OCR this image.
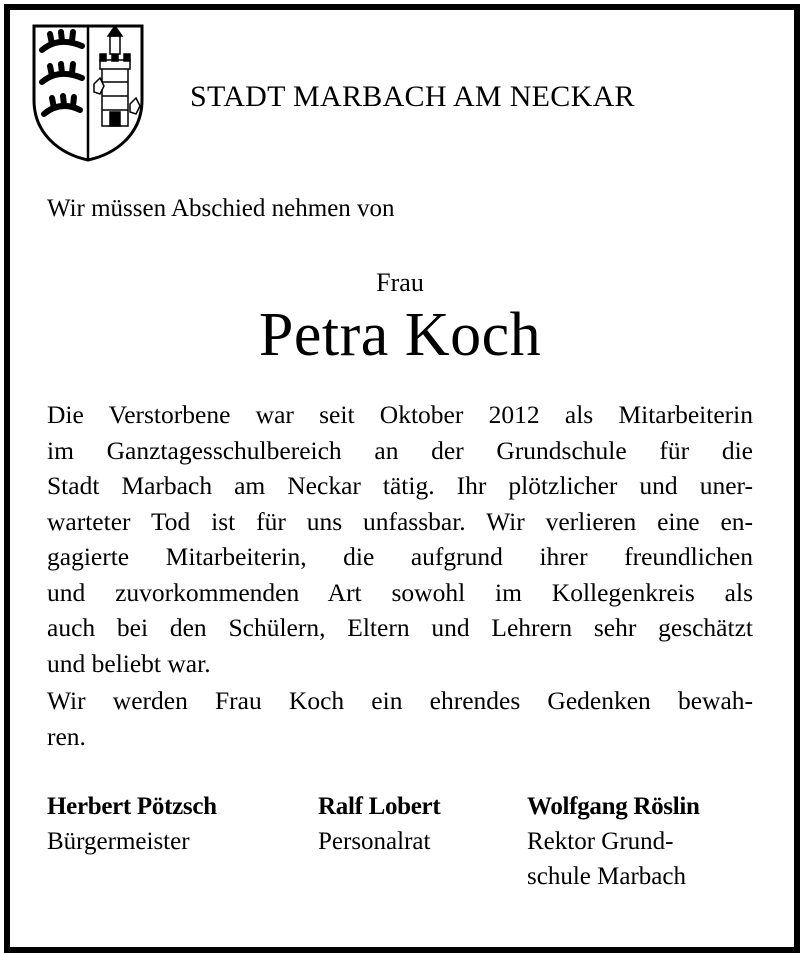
STADT MARBACH AM NECKAR
Wir müssen Abschied nehmen von
Frau
Petra Koch
Die Verstorbene war seit Oktober 2012 als Mitarbeiterin
im Ganztagesschulbereich an der Grundschule für die
Stadt Marbach am Neckar tätig. Ihr plötzlicher und uner-
warteter Tod ist für uns unfassbar. Wir verlieren eine en-
gagierte Mitarbeiterin, die aufgrund ihrer freundlichen
und zuvorkommenden Art sowohl im Kollegenkreis als
auch bei den Schülern, Eltern und Lehrern sehr geschätzt
und beliebt war.
Wir werden Frau Koch ein ehrendes Gedenken bewah-
ren.
Herbert Pötzsch
Bürgermeister
Ralf Lobert
Personalrat
Wolfgang Röslin
Rektor Grund-
schule Marbach
